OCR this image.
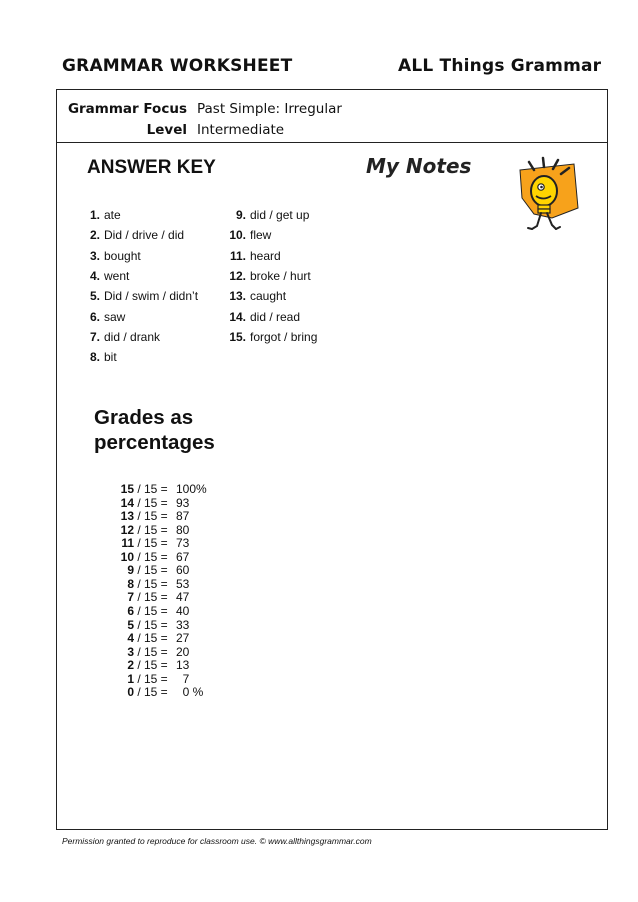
GRAMMAR WORKSHEET	ALL Things Grammar
Grammar Focus Past Simple: Irregular
Level Intermediate
ANSWER KEY	My Notes
1. ate
2. Did / drive / did
3. bought
4. went
5. Did / swim / didn’t
6. saw
7. did / drank
8. bit
9. did / get up
10. flew
11. heard
12. broke / hurt
13. caught
14. did / read
15. forgot / bring
Grades as
percentages
15 / 15 = 100%
14 / 15 = 93
13 / 15 = 87
12 / 15 = 80
11 / 15 = 73
10 / 15 = 67
9 / 15 = 60
8 / 15 = 53
7 / 15 = 47
6 / 15 = 40
5 / 15 = 33
4 / 15 = 27
3 / 15 = 20
2 / 15 = 13
1 / 15 =  7
0 / 15 =  0 %
Permission granted to reproduce for classroom use. © www.allthingsgrammar.com
